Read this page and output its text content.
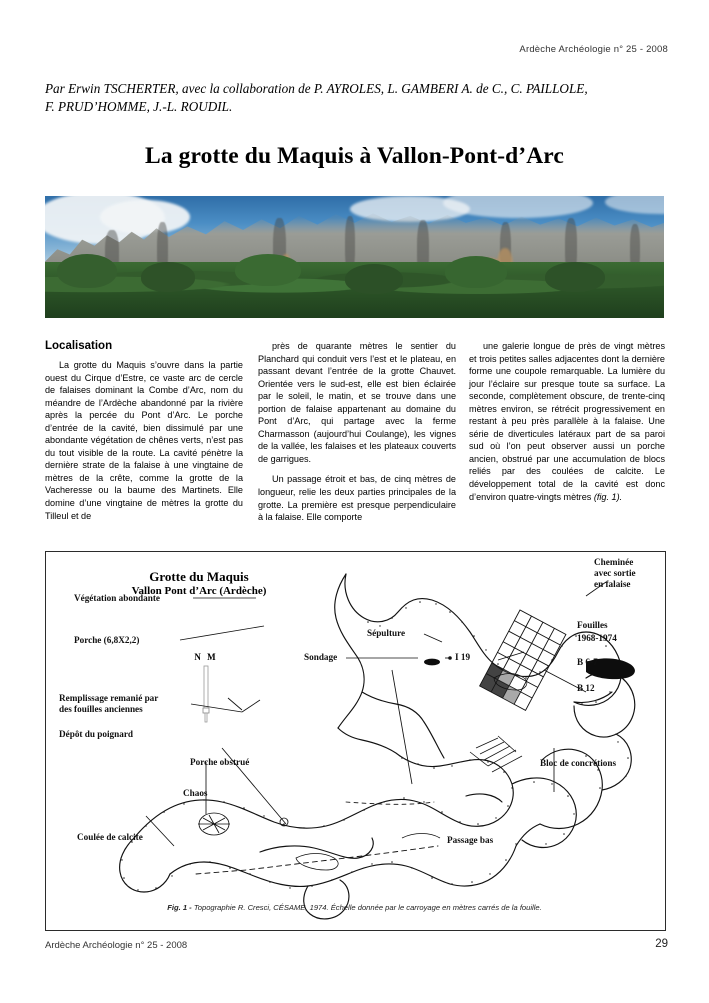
Ardèche Archéologie n° 25 - 2008
Par Erwin TSCHERTER, avec la collaboration de P. AYROLES, L. GAMBERI A. de C., C. PAILLOLE,
F. PRUD’HOMME, J.-L. ROUDIL.
La grotte du Maquis à Vallon-Pont-d’Arc
Localisation

La grotte du Maquis s’ouvre dans la partie ouest du Cirque d’Estre, ce vaste arc de cercle de falaises dominant la Combe d’Arc, nom du méandre de l’Ardèche abandonné par la rivière après la percée du Pont d’Arc. Le porche d’entrée de la cavité, bien dissimulé par une abondante végétation de chênes verts, n’est pas du tout visible de la route. La cavité pénètre la dernière strate de la falaise à une vingtaine de mètres de la crête, comme la grotte de la Vacheresse ou la baume des Martinets. Elle domine d’une vingtaine de mètres la grotte du Tilleul et de

près de quarante mètres le sentier du Planchard qui conduit vers l’est et le plateau, en passant devant l’entrée de la grotte Chauvet. Orientée vers le sud-est, elle est bien éclairée par le soleil, le matin, et se trouve dans une portion de falaise appartenant au domaine du Pont d’Arc, qui partage avec la ferme Charmasson (aujourd’hui Coulange), les vignes de la vallée, les falaises et les plateaux couverts de garrigues.

Un passage étroit et bas, de cinq mètres de longueur, relie les deux parties principales de la grotte. La première est presque perpendiculaire à la falaise. Elle comporte

une galerie longue de près de vingt mètres et trois petites salles adjacentes dont la dernière forme une coupole remarquable. La lumière du jour l’éclaire sur presque toute sa surface. La seconde, complètement obscure, de trente-cinq mètres environ, se rétrécit progressivement en restant à peu près parallèle à la falaise. Une série de diverticules latéraux part de sa paroi sud où l’on peut observer aussi un porche ancien, obstrué par une accumulation de blocs reliés par des coulées de calcite. Le développement total de la cavité est donc d’environ quatre-vingts mètres (fig. 1).

Grotte du Maquis
Vallon Pont d’Arc (Ardèche)
N M
Végétation abondante
Porche (6,8X2,2)
Remplissage remanié par
des fouilles anciennes
Cheminée
avec sortie
en falaise
Fouilles
1968-1974
B 6-7
B 12
Sépulture
Sondage	I 19
Dépôt du poignard
Bloc de concrétions
Porche obstrué
Chaos
Coulée de calcite	Passage bas
Fig. 1 - Topographie R. Cresci, CÉSAME, 1974. Échelle donnée par le carroyage en mètres carrés de la fouille.
Ardèche Archéologie n° 25 - 2008	29
